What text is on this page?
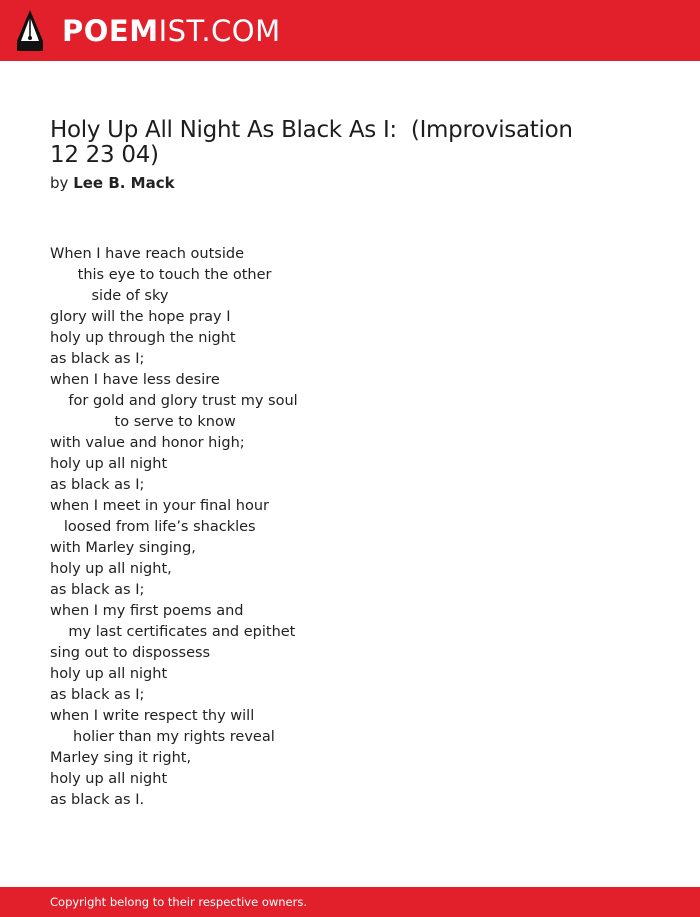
POEM IST.COM
Holy Up All Night As Black As I:  (Improvisation
12 23 04)
by Lee B. Mack
When I have reach outside
this eye to touch the other
side of sky
glory will the hope pray I
holy up through the night
as black as I;
when I have less desire
for gold and glory trust my soul
to serve to know
with value and honor high;
holy up all night
as black as I;
when I meet in your final hour
loosed from life’s shackles
with Marley singing,
holy up all night,
as black as I;
when I my first poems and
my last certificates and epithet
sing out to dispossess
holy up all night
as black as I;
when I write respect thy will
holier than my rights reveal
Marley sing it right,
holy up all night
as black as I.
Copyright belong to their respective owners.
